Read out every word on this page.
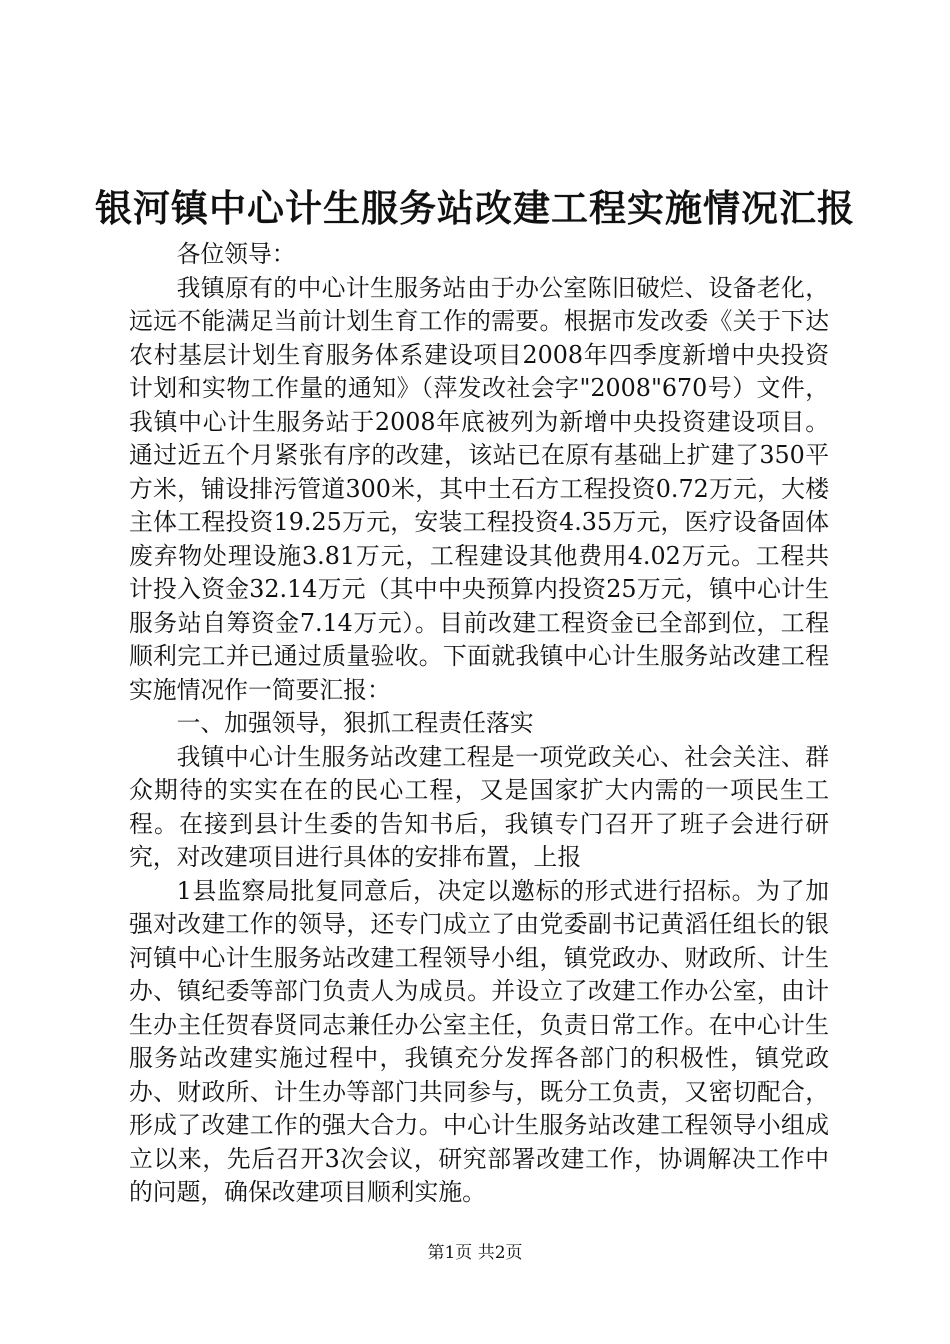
银河镇中心计生服务站改建工程实施情况汇报

各位领导：

我镇原有的中心计生服务站由于办公室陈旧破烂、设备老化，远远不能满足当前计划生育工作的需要。根据市发改委《关于下达农村基层计划生育服务体系建设项目2008年四季度新增中央投资计划和实物工作量的通知》（萍发改社会字"2008"670号）文件，我镇中心计生服务站于2008年底被列为新增中央投资建设项目。通过近五个月紧张有序的改建，该站已在原有基础上扩建了350平方米，铺设排污管道300米，其中土石方工程投资0.72万元，大楼主体工程投资19.25万元，安装工程投资4.35万元，医疗设备固体废弃物处理设施3.81万元，工程建设其他费用4.02万元。工程共计投入资金32.14万元（其中中央预算内投资25万元，镇中心计生服务站自筹资金7.14万元）。目前改建工程资金已全部到位，工程顺利完工并已通过质量验收。下面就我镇中心计生服务站改建工程实施情况作一简要汇报：

一、加强领导，狠抓工程责任落实

我镇中心计生服务站改建工程是一项党政关心、社会关注、群众期待的实实在在的民心工程，又是国家扩大内需的一项民生工程。在接到县计生委的告知书后，我镇专门召开了班子会进行研究，对改建项目进行具体的安排布置，上报

1县监察局批复同意后，决定以邀标的形式进行招标。为了加强对改建工作的领导，还专门成立了由党委副书记黄滔任组长的银河镇中心计生服务站改建工程领导小组，镇党政办、财政所、计生办、镇纪委等部门负责人为成员。并设立了改建工作办公室，由计生办主任贺春贤同志兼任办公室主任，负责日常工作。在中心计生服务站改建实施过程中，我镇充分发挥各部门的积极性，镇党政办、财政所、计生办等部门共同参与，既分工负责，又密切配合，形成了改建工作的强大合力。中心计生服务站改建工程领导小组成立以来，先后召开3次会议，研究部署改建工作，协调解决工作中的问题，确保改建项目顺利实施。

第1页 共2页
